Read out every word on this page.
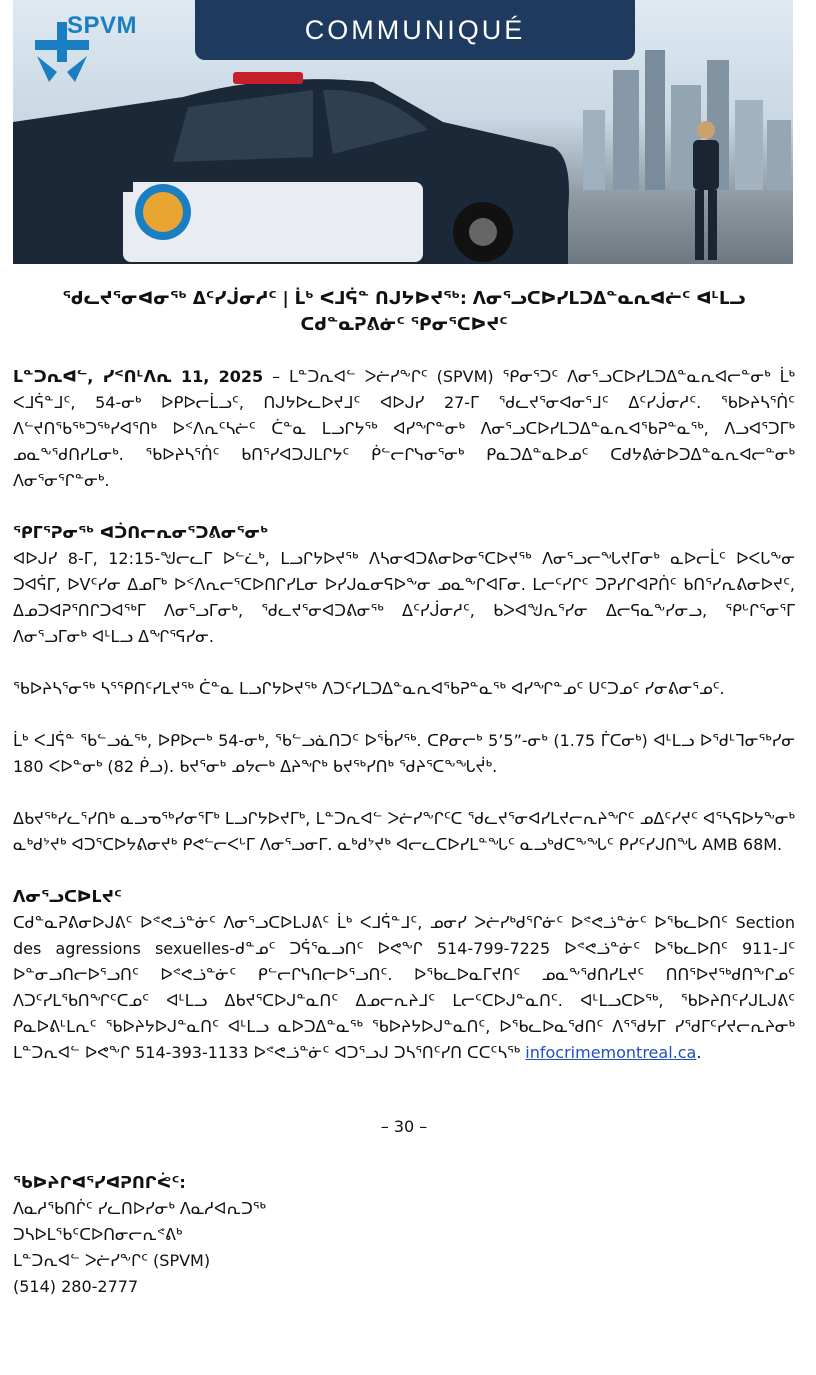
SPVM	COMMUNIQUÉ

ᖁᓚᔪᕐᓂᐊᓂᖅ ᐃᑦᓯᒎᓂᓱᑦ | ᒫᒃ ᐸᒧᕌᓐ ᑎᒍᔭᐅᔪᖅ: ᐱᓂᕐᓗᑕᐅᓯᒪᑐᐃᓐᓇᕆᐊᓖᑦ ᐊᒻᒪᓗ ᑕᑯᓐᓇᕈᕕᓃᑦ ᕿᓂᕐᑕᐅᔪᑦ

ᒪᓐᑐᕆᐊᓪ, ᓯᑉᑎᒻᐱᕆ 11, 2025 – ᒪᓐᑐᕆᐊᓪ ᐳᓖᓯᖕᒋᑦ (SPVM) ᕿᓂᕐᑐᑦ ᐱᓂᕐᓗᑕᐅᓯᒪᑐᐃᓐᓇᕆᐊᓕᓐᓂᒃ ᒫᒃ ᐸᒧᕌᓐᒧᑦ, 54-ᓂᒃ ᐅᑭᐅᓕᒫᓗᑦ, ᑎᒍᔭᐅᓚᐅᔪᒧᑦ ᐊᐅᒍᓯ 27-ᒥ ᖁᓚᔪᕐᓂᐊᓂᕐᒧᑦ ᐃᑦᓯᒎᓂᓱᑦ. ᖃᐅᔨᓴᕐᑏᑦ ᐱᓪᔪᑎᖃᖅᑐᖅᓯᐊᕐᑎᒃ ᐅᑉᐱᕆᑦᓴᓖᑦ ᑖᓐᓇ ᒪᓗᒋᔭᖅ ᐊᓯᖏᓐᓂᒃ ᐱᓂᕐᓗᑕᐅᓯᒪᑐᐃᓐᓇᕆᐊᖃᕈᓐᓇᖅ, ᐱᓗᐊᕐᑐᒥᒃ ᓄᓇᖕᖁᑎᓯᒪᓂᒃ. ᖃᐅᔨᓴᕐᑏᑦ ᑲᑎᕐᓯᐊᑐᒍᒪᒋᔭᑦ ᑮᓪᓕᒋᓭᓂᕐᓂᒃ ᑭᓇᑐᐃᓐᓇᐅᓄᑦ ᑕᑯᔭᕕᓃᐅᑐᐃᓐᓇᕆᐊᓕᓐᓂᒃ ᐱᓂᕐᓂᕐᒋᓐᓂᒃ.

ᕿᒥᕐᕈᓂᖅ ᐊᑑᑎᓕᕆᓂᕐᑐᕕᓂᕐᓂᒃ

ᐊᐅᒍᓯ 8-ᒥ, 12:15-ᖑᓕᓚᒥ ᐅᓪᓛᒃ, ᒪᓗᒋᔭᐅᔪᖅ ᐱᓴᓂᐊᑐᕕᓂᐅᓂᕐᑕᐅᔪᖅ ᐱᓂᕐᓗᓕᖓᔪᒥᓂᒃ ᓇᐅᓕᒫᑦ ᐅᐸᒐᖕᓂ ᑐᐊᕌᒥ, ᐅᐯᑦᓯᓂ ᐃᓄᒥᒃ ᐅᑉᐱᕆᓕᕐᑕᐅᑎᒋᓯᒪᓂ ᐅᓯᒍᓇᓂᕋᐅᖕᓂ ᓄᓇᖕᒋᐊᒥᓂ. ᒪᓕᑦᓯᒋᑦ ᑐᕈᓯᒋᐊᕈᑏᑦ ᑲᑎᕐᓯᕆᕕᓂᐅᔪᑦ, ᐃᓄᑐᐊᕈᕐᑎᒋᑐᐊᖅᒥ ᐱᓂᕐᓗᒥᓂᒃ, ᖁᓚᔪᕐᓂᐊᑐᕕᓂᖅ ᐃᑦᓯᒎᓂᓱᑦ, ᑲᐳᐊᖑᕆᕐᓯᓂ ᐃᓕᕋᓇᖕᓯᓂᓗ, ᕿᒡᒋᕐᓂᕐᒥ ᐱᓂᕐᓗᒥᓂᒃ ᐊᒻᒪᓗ ᐃᖏᕐᕋᓯᓂ.

ᖃᐅᔨᓴᕐᓂᖅ ᓴᕐᕿᑎᑦᓯᒪᔪᖅ ᑖᓐᓇ ᒪᓗᒋᔭᐅᔪᖅ ᐱᑐᑦᓯᒪᑐᐃᓐᓇᕆᐊᖃᕈᓐᓇᖅ ᐊᓯᖏᓐᓄᑦ ᑌᑦᑐᓄᑦ ᓯᓂᕕᓂᕐᓄᑦ.

ᒫᒃ ᐸᒧᕌᓐ ᖃᓪᓗᓈᖅ, ᐅᑭᐅᓕᒃ 54-ᓂᒃ, ᖃᓪᓗᓈᑎᑐᑦ ᐅᖄᓯᖅ. ᑕᑭᓂᓕᒃ 5’5”-ᓂᒃ (1.75 ᒦᑕᓂᒃ) ᐊᒻᒪᓗ ᐅᖁᒻᒣᓂᖅᓯᓂ 180 ᐸᐅᓐᓂᒃ (82 ᑮᓗ). ᑲᔪᕐᓂᒃ ᓄᔭᓕᒃ ᐃᔨᖏᒃ ᑲᔪᖅᓯᑎᒃ ᖁᔨᕐᑕᖕᖓᔫᒃ.

ᐃᑲᔪᖅᓯᓚᕐᓯᑎᒃ ᓇᓗᓀᖅᓯᓂᕐᒥᒃ ᒪᓗᒋᔭᐅᔪᒥᒃ, ᒪᓐᑐᕆᐊᓪ ᐳᓖᓯᖕᒋᑦᑕ ᖁᓚᔪᕐᓂᐊᓯᒪᔪᓕᕆᔨᖏᑦ ᓄᐃᑦᓯᔪᑦ ᐊᕐᓴᕋᐅᔭᖕᓂᒃ ᓇᒃᑯᔾᔪᒃ ᐊᑐᕐᑕᐅᔭᕕᓂᔪᒃ ᑭᕙᓪᓕᐸᒡᒥ ᐱᓂᕐᓗᓂᒥ. ᓇᒃᑯᔾᔪᒃ ᐊᓕᓚᑕᐅᓯᒪᓐᖓᑦ ᓇᓗᒃᑯᑕᖕᖓᑦ ᑭᓯᑦᓯᒍᑎᖓ AMB 68M.

ᐱᓂᕐᓗᑕᐅᒪᔪᑦ

ᑕᑯᓐᓇᕈᕕᓂᐅᒍᕕᑦ ᐅᕝᕙᓘᓐᓃᑦ ᐱᓂᕐᓗᑕᐅᒪᒍᕕᑦ ᒫᒃ ᐸᒧᕌᓐᒧᑦ, ᓄᓂᓯ ᐳᓖᓯᒃᑯᕐᒋᓃᑦ ᐅᕝᕙᓘᓐᓃᑦ ᐅᖃᓚᐅᑎᑦ Section des agressions sexuelles-ᑯᓐᓄᑦ ᑐᕌᕐᓇᓗᑎᑦ ᐅᕙᖕᒋ 514-799-7225 ᐅᕝᕙᓘᓐᓃᑦ ᐅᖃᓚᐅᑎᑦ 911-ᒧᑦ ᐅᓐᓂᓗᑎᓕᐅᕐᓗᑎᑦ ᐅᕝᕙᓘᓐᓃᑦ ᑭᓪᓕᒋᓭᑎᓕᐅᕐᓗᑎᑦ. ᐅᖃᓚᐅᓇᒥᔪᑎᑦ ᓄᓇᖕᖁᑎᓯᒪᔪᑦ ᑎᑎᕐᐅᔪᖅᑯᑎᖕᒋᓄᑦ ᐱᑐᑦᓯᒪᖃᑎᖏᑦᑕᓄᑦ ᐊᒻᒪᓗ ᐃᑲᔪᕐᑕᐅᒍᓐᓇᑎᑦ ᐃᓄᓕᕆᔨᒧᑦ ᒪᓕᑦᑕᐅᒍᓐᓇᑎᑦ. ᐊᒻᒪᓗᑕᐅᖅ, ᖃᐅᔨᑎᑦᓯᒍᒪᒍᕕᑦ ᑭᓇᐅᕕᒻᒪᕆᑦ ᖃᐅᔨᔭᐅᒍᓐᓇᑎᑦ ᐊᒻᒪᓗ ᓇᐅᑐᐃᓐᓇᖅ ᖃᐅᔨᔭᐅᒍᓐᓇᑎᑦ, ᐅᖃᓚᐅᓇᕐᑯᑎᑦ ᐱᕐᖁᔭᒥ ᓯᖁᒥᑦᓯᔪᓕᕆᔨᓂᒃ ᒪᓐᑐᕆᐊᓪ ᐅᕙᖕᒋ 514-393-1133 ᐅᕝᕙᓘᓐᓃᑦ ᐊᑐᕐᓗᒍ ᑐᓴᕐᑎᑦᓯᑎ ᑕᑕᑦᓴᖅ infocrimemontreal.ca.

– 30 –

ᖃᐅᔨᒋᐊᕐᓯᐊᕈᑎᒋᕚᑦ:

ᐱᓇᓱᖃᑎᒌᑦ ᓯᓚᑎᐅᓯᓂᒃ ᐱᓇᓱᐊᕆᑐᖅ

ᑐᓴᐅᒪᖃᑦᑕᐅᑎᓂᓕᕆᕝᕕᒃ

ᒪᓐᑐᕆᐊᓪ ᐳᓖᓯᖕᒋᑦ (SPVM)

(514) 280-2777
